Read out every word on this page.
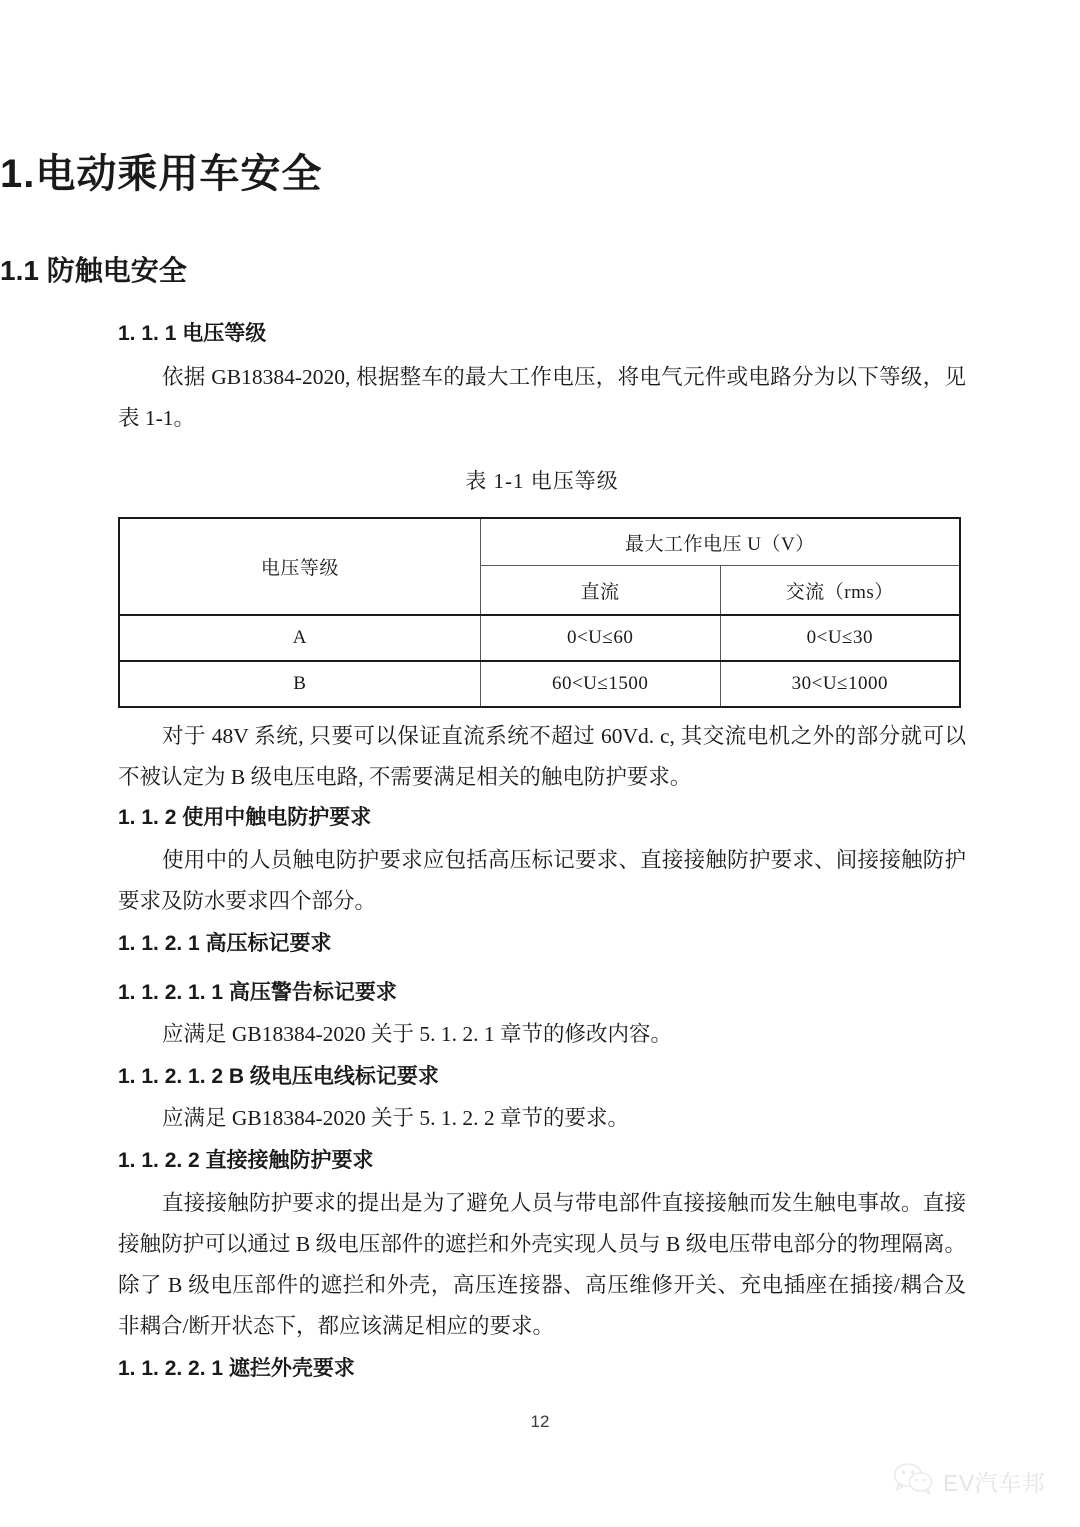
1.电动乘用车安全
1.1 防触电安全
1. 1. 1 电压等级

依据 GB18384-2020, 根据整车的最大工作电压，将电气元件或电路分为以下等级，见表 1-1。

表 1-1 电压等级
电压等级	最大工作电压 U（V）	
	直流	交流（rms）
A	0<U≤60	0<U≤30
B	60<U≤1500	30<U≤1000

对于 48V 系统, 只要可以保证直流系统不超过 60Vd. c, 其交流电机之外的部分就可以不被认定为 B 级电压电路, 不需要满足相关的触电防护要求。

1. 1. 2 使用中触电防护要求

使用中的人员触电防护要求应包括高压标记要求、直接接触防护要求、间接接触防护要求及防水要求四个部分。

1. 1. 2. 1 高压标记要求
1. 1. 2. 1. 1 高压警告标记要求

应满足 GB18384-2020 关于 5. 1. 2. 1 章节的修改内容。

1. 1. 2. 1. 2 B 级电压电线标记要求

应满足 GB18384-2020 关于 5. 1. 2. 2 章节的要求。

1. 1. 2. 2 直接接触防护要求

直接接触防护要求的提出是为了避免人员与带电部件直接接触而发生触电事故。直接接触防护可以通过 B 级电压部件的遮拦和外壳实现人员与 B 级电压带电部分的物理隔离。除了 B 级电压部件的遮拦和外壳，高压连接器、高压维修开关、充电插座在插接/耦合及非耦合/断开状态下，都应该满足相应的要求。

1. 1. 2. 2. 1 遮拦外壳要求
12
EV汽车邦
